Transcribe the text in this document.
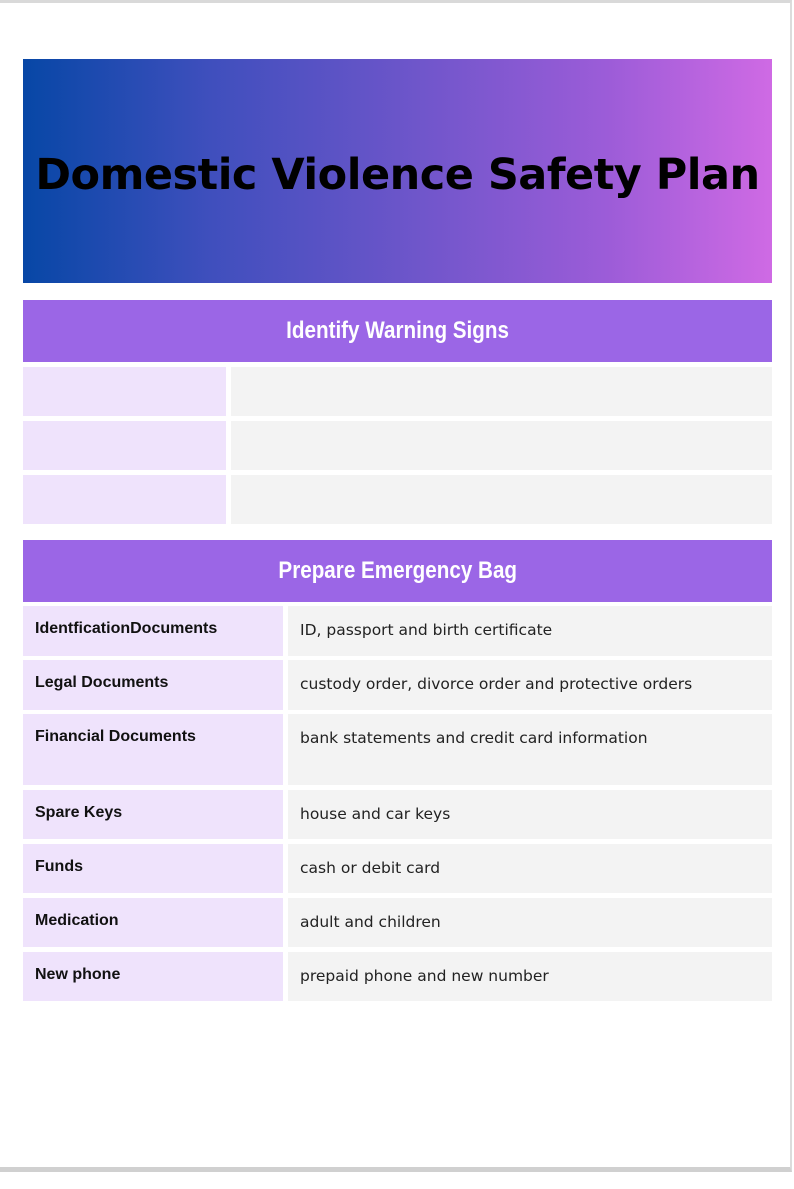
Domestic Violence Safety Plan
Identify Warning Signs
Prepare Emergency Bag
IdentficationDocuments	ID, passport and birth certificate
Legal Documents	custody order, divorce order and protective orders
Financial Documents	bank statements and credit card information
Spare Keys	house and car keys
Funds	cash or debit card
Medication	adult and children
New phone	prepaid phone and new number
